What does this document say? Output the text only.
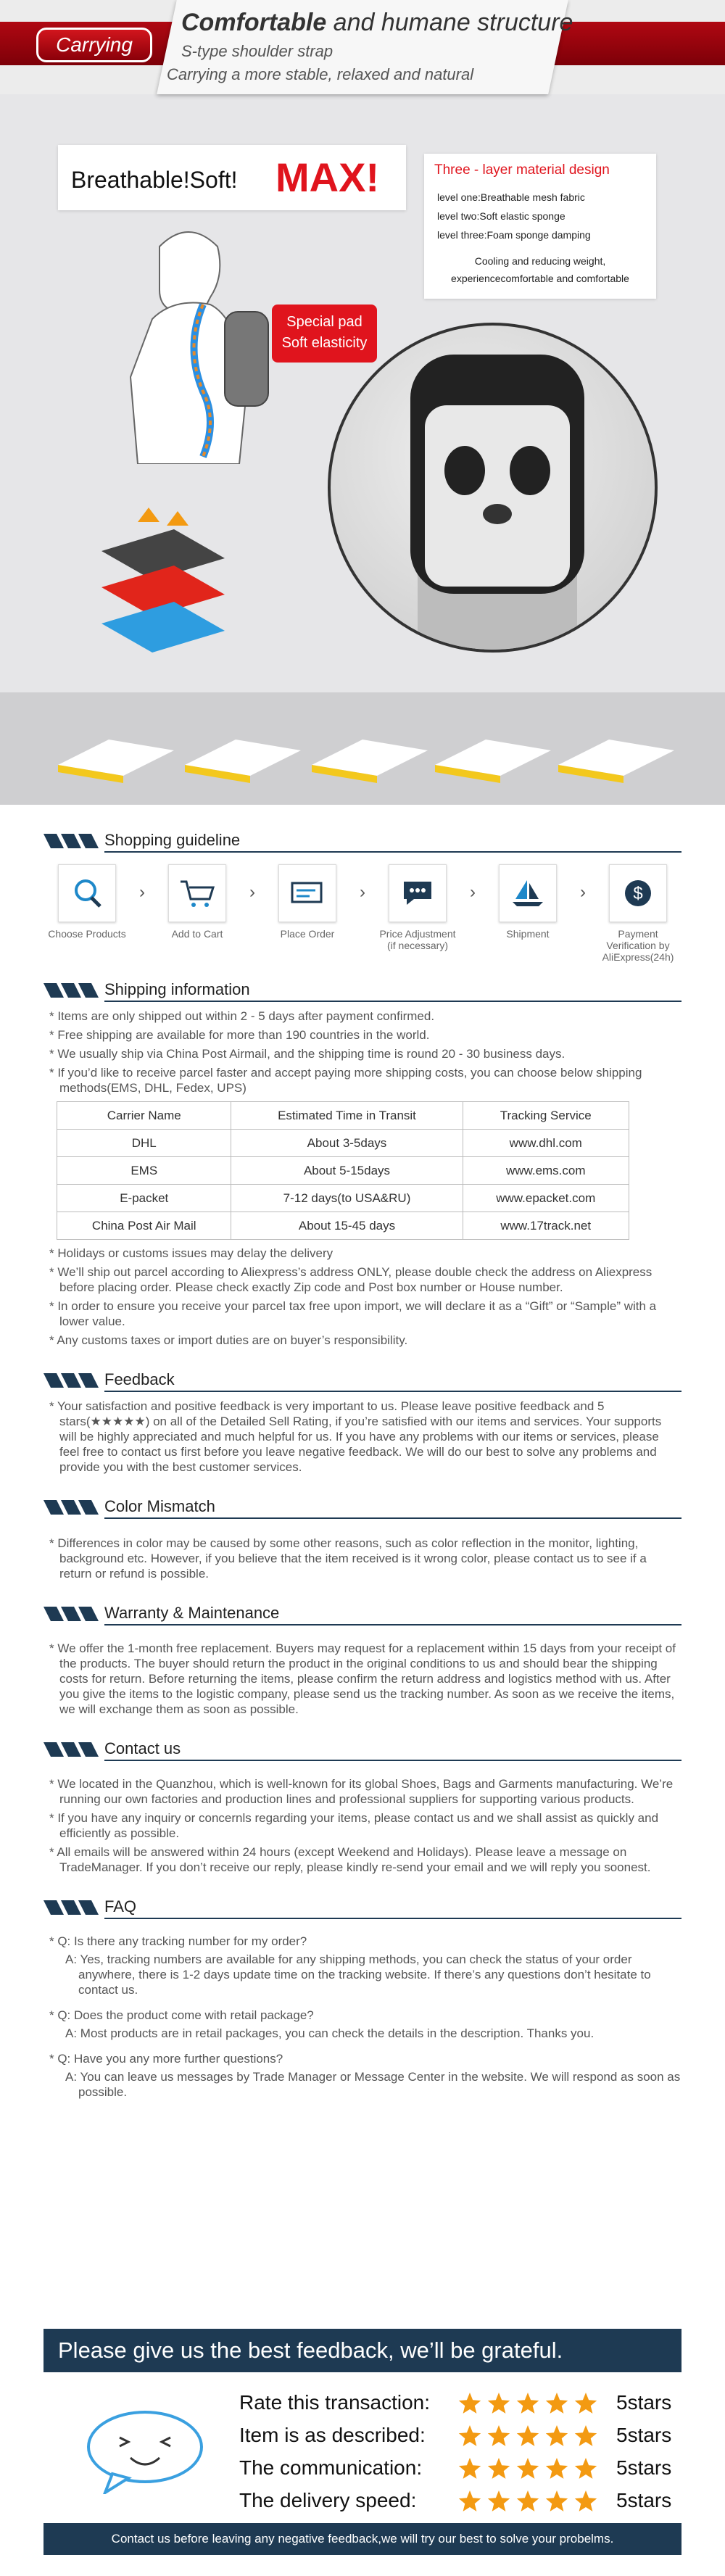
Carrying
Comfortable and humane structure
S-type shoulder strap
Carrying a more stable, relaxed and natural
Breathable!Soft! MAX!	Three - layer material design
level one:Breathable mesh fabric
level two:Soft elastic sponge
level three:Foam sponge damping
Cooling and reducing weight,
experiencecomfortable and comfortable
Special pad
Soft elasticity
Shopping guideline
Choose Products
›
Add to Cart
›
Place Order
›
Price Adjustment (if necessary)
›
Shipment
›	$
Payment Verification by AliExpress(24h)
Shipping information

* Items are only shipped out within 2 - 5 days after payment confirmed.

* Free shipping are available for more than 190 countries in the world.

* We usually ship via China Post Airmail, and the shipping time is round 20 - 30 business days.

* If you’d like to receive parcel faster and accept paying more shipping costs, you can choose below shipping methods(EMS, DHL, Fedex, UPS)

Carrier Name	Estimated Time in Transit	Tracking Service
DHL	About 3-5days	www.dhl.com
EMS	About 5-15days	www.ems.com
E-packet	7-12 days(to USA&RU)	www.epacket.com
China Post Air Mail	About 15-45 days	www.17track.net

* Holidays or customs issues may delay the delivery

* We’ll ship out parcel according to Aliexpress’s address ONLY, please double check the address on Aliexpress before placing order. Please check exactly Zip code and Post box number or House number.

* In order to ensure you receive your parcel tax free upon import, we will declare it as a “Gift” or “Sample” with a lower value.

* Any customs taxes or import duties are on buyer’s responsibility.

Feedback

* Your satisfaction and positive feedback is very important to us. Please leave positive feedback and 5 stars(★★★★★) on all of the Detailed Sell Rating, if you’re satisfied with our items and services. Your supports will be highly appreciated and much helpful for us. If you have any problems with our items or services, please feel free to contact us first before you leave negative feedback. We will do our best to solve any problems and provide you with the best customer services.

Color Mismatch

* Differences in color may be caused by some other reasons, such as color reflection in the monitor, lighting, background etc. However, if you believe that the item received is it wrong color, please contact us to see if a return or refund is possible.

Warranty & Maintenance

* We offer the 1-month free replacement. Buyers may request for a replacement within 15 days from your receipt of the products. The buyer should return the product in the original conditions to us and should bear the shipping costs for return. Before returning the items, please confirm the return address and logistics method with us. After you give the items to the logistic company, please send us the tracking number. As soon as we receive the items, we will exchange them as soon as possible.

Contact us

* We located in the Quanzhou, which is well-known for its global Shoes, Bags and Garments manufacturing. We’re running our own factories and production lines and professional suppliers for supporting various products.

* If you have any inquiry or concernls regarding your items, please contact us and we shall assist as quickly and efficiently as possible.

* All emails will be answered within 24 hours (except Weekend and Holidays). Please leave a message on TradeManager. If you don’t receive our reply, please kindly re-send your email and we will reply you soonest.

FAQ

* Q: Is there any tracking number for my order?

A: Yes, tracking numbers are available for any shipping methods, you can check the status of your order anywhere, there is 1-2 days update time on the tracking website. If there’s any questions don’t hesitate to contact us.

* Q: Does the product come with retail package?

A: Most products are in retail packages, you can check the details in the description. Thanks you.

* Q: Have you any more further questions?

A: You can leave us messages by Trade Manager or Message Center in the website. We will respond as soon as possible.

Please give us the best feedback, we’ll be grateful.
Rate this transaction:
Item is as described:
The communication:
The delivery speed:
5stars
5stars
5stars
5stars
Contact us before leaving any negative feedback,we will try our best to solve your probelms.
